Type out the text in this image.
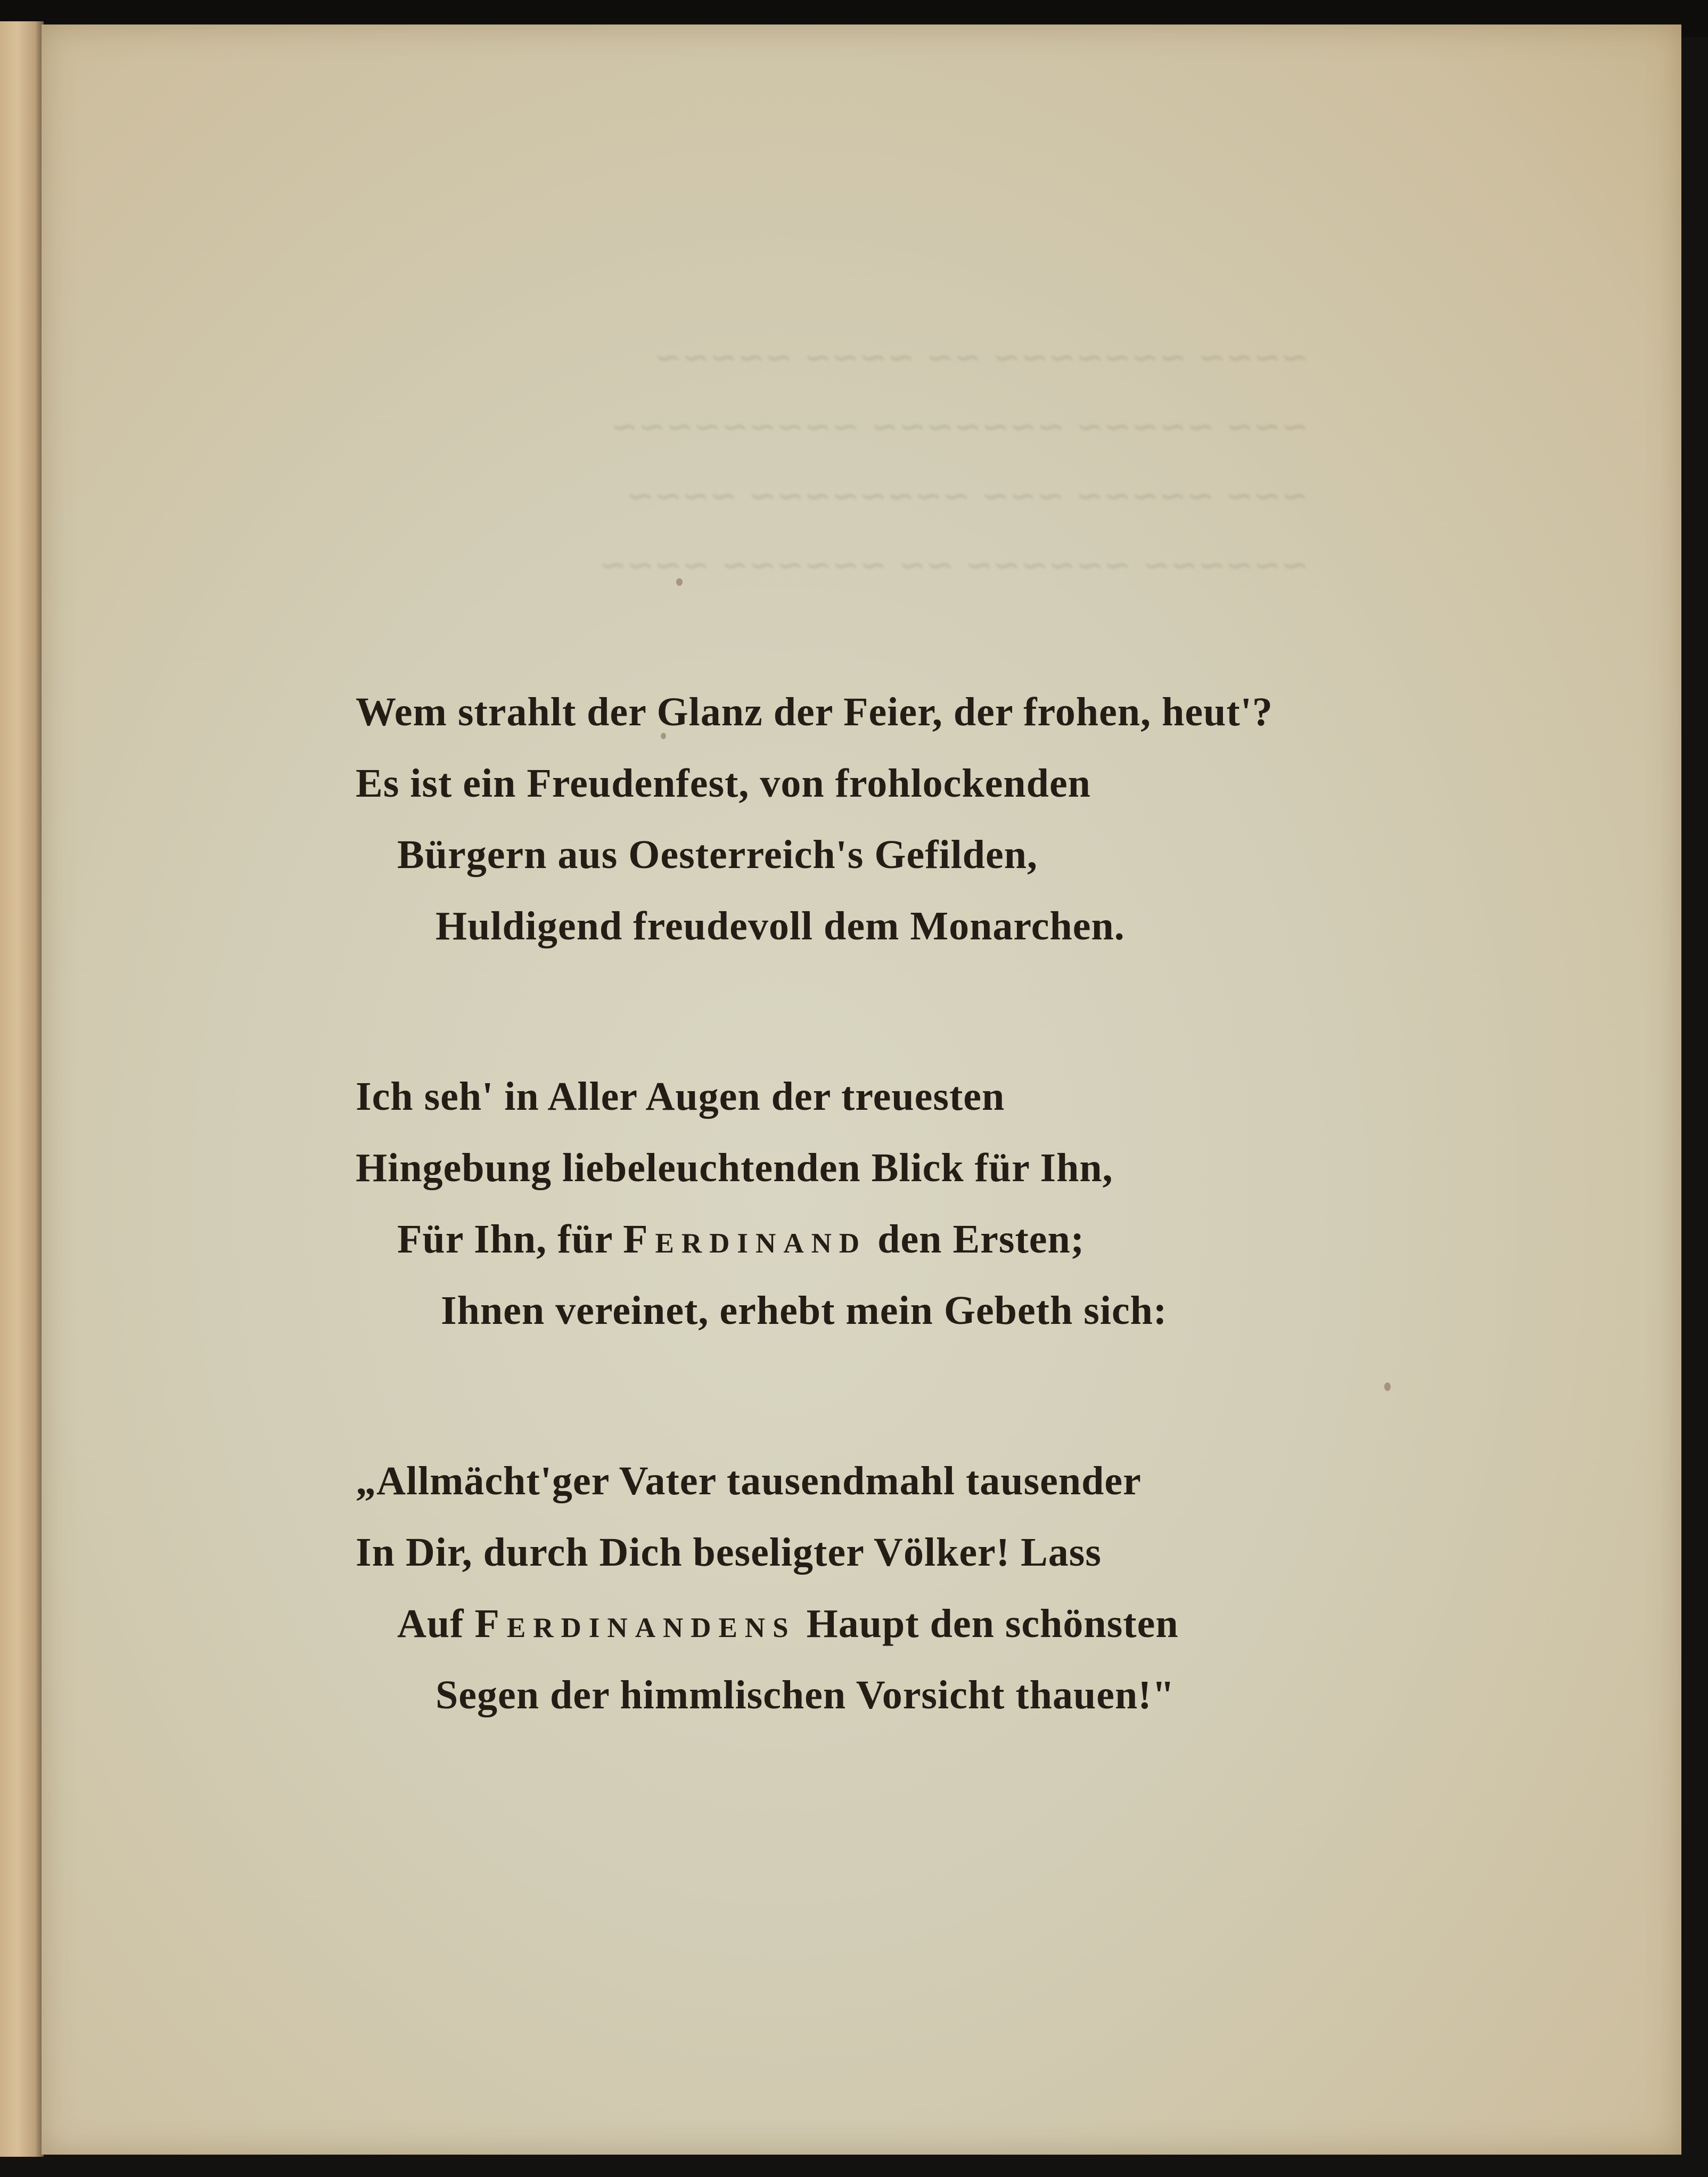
~~~~ ~~~~~~~ ~~ ~~~~ ~~~~~
~~~ ~~~~~ ~~~~~~~ ~~~~~~~~~
~~~ ~~~~~ ~~~ ~~~~~~~~ ~~~~
~~~~~~ ~~~~~~ ~~ ~~~~~~ ~~~~
Wem strahlt der Glanz der Feier, der frohen, heut'?
Es ist ein Freudenfest, von frohlockenden
Bürgern aus Oesterreich's Gefilden,
Huldigend freudevoll dem Monarchen.
Ich seh' in Aller Augen der treuesten
Hingebung liebeleuchtenden Blick für Ihn,
Für Ihn, für Ferdinand den Ersten;
Ihnen vereinet, erhebt mein Gebeth sich:
„Allmächt'ger Vater tausendmahl tausender
In Dir, durch Dich beseligter Völker! Lass
Auf Ferdinandens Haupt den schönsten
Segen der himmlischen Vorsicht thauen!"
